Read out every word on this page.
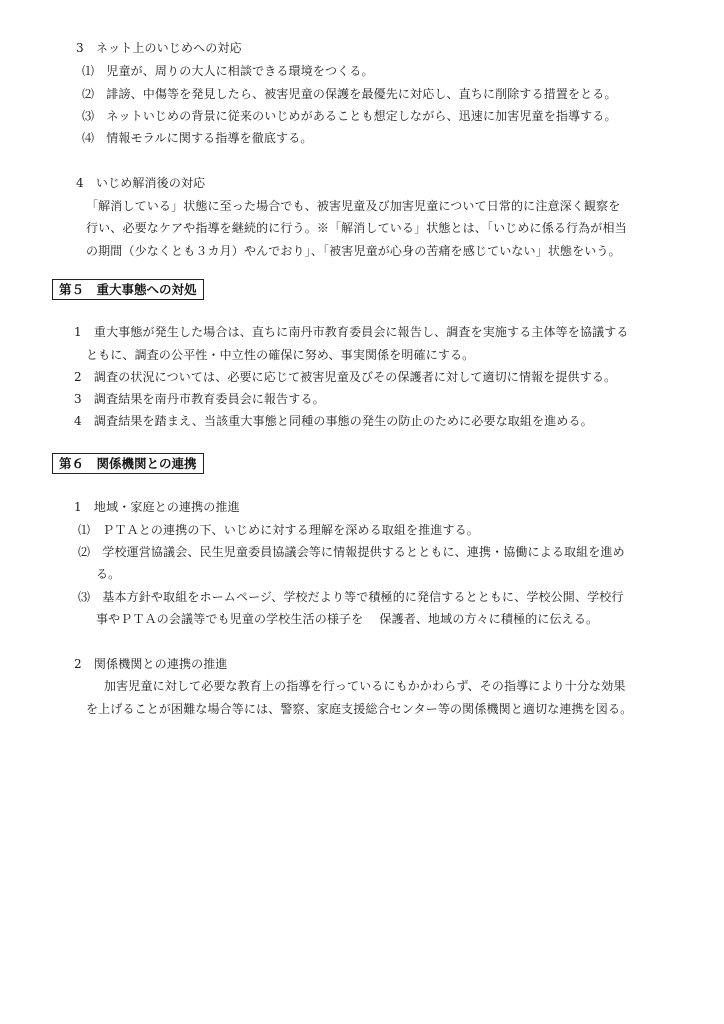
3　ネット上のいじめへの対応
⑴　児童が、周りの大人に相談できる環境をつくる。
⑵　誹謗、中傷等を発見したら、被害児童の保護を最優先に対応し、直ちに削除する措置をとる。
⑶　ネットいじめの背景に従来のいじめがあることも想定しながら、迅速に加害児童を指導する。
⑷　情報モラルに関する指導を徹底する。
4　いじめ解消後の対応
「解消している」状態に至った場合でも、被害児童及び加害児童について日常的に注意深く観察を
行い、必要なケアや指導を継続的に行う。※「解消している」状態とは、「いじめに係る行為が相当
の期間（少なくとも３カ月）やんでおり」、「被害児童が心身の苦痛を感じていない」状態をいう。
第５　重大事態への対処
1　重大事態が発生した場合は、直ちに南丹市教育委員会に報告し、調査を実施する主体等を協議する
ともに、調査の公平性・中立性の確保に努め、事実関係を明確にする。
2　調査の状況については、必要に応じて被害児童及びその保護者に対して適切に情報を提供する。
3　調査結果を南丹市教育委員会に報告する。
4　調査結果を踏まえ、当該重大事態と同種の事態の発生の防止のために必要な取組を進める。
第６　関係機関との連携
1　地域・家庭との連携の推進
⑴　ＰＴＡとの連携の下、いじめに対する理解を深める取組を推進する。
⑵　学校運営協議会、民生児童委員協議会等に情報提供するとともに、連携・協働による取組を進め
る。
⑶　基本方針や取組をホームページ、学校だより等で積極的に発信するとともに、学校公開、学校行
事やＰＴＡの会議等でも児童の学校生活の様子を　 保護者、地域の方々に積極的に伝える。
2　関係機関との連携の推進
加害児童に対して必要な教育上の指導を行っているにもかかわらず、その指導により十分な効果
を上げることが困難な場合等には、警察、家庭支援総合センター等の関係機関と適切な連携を図る。
